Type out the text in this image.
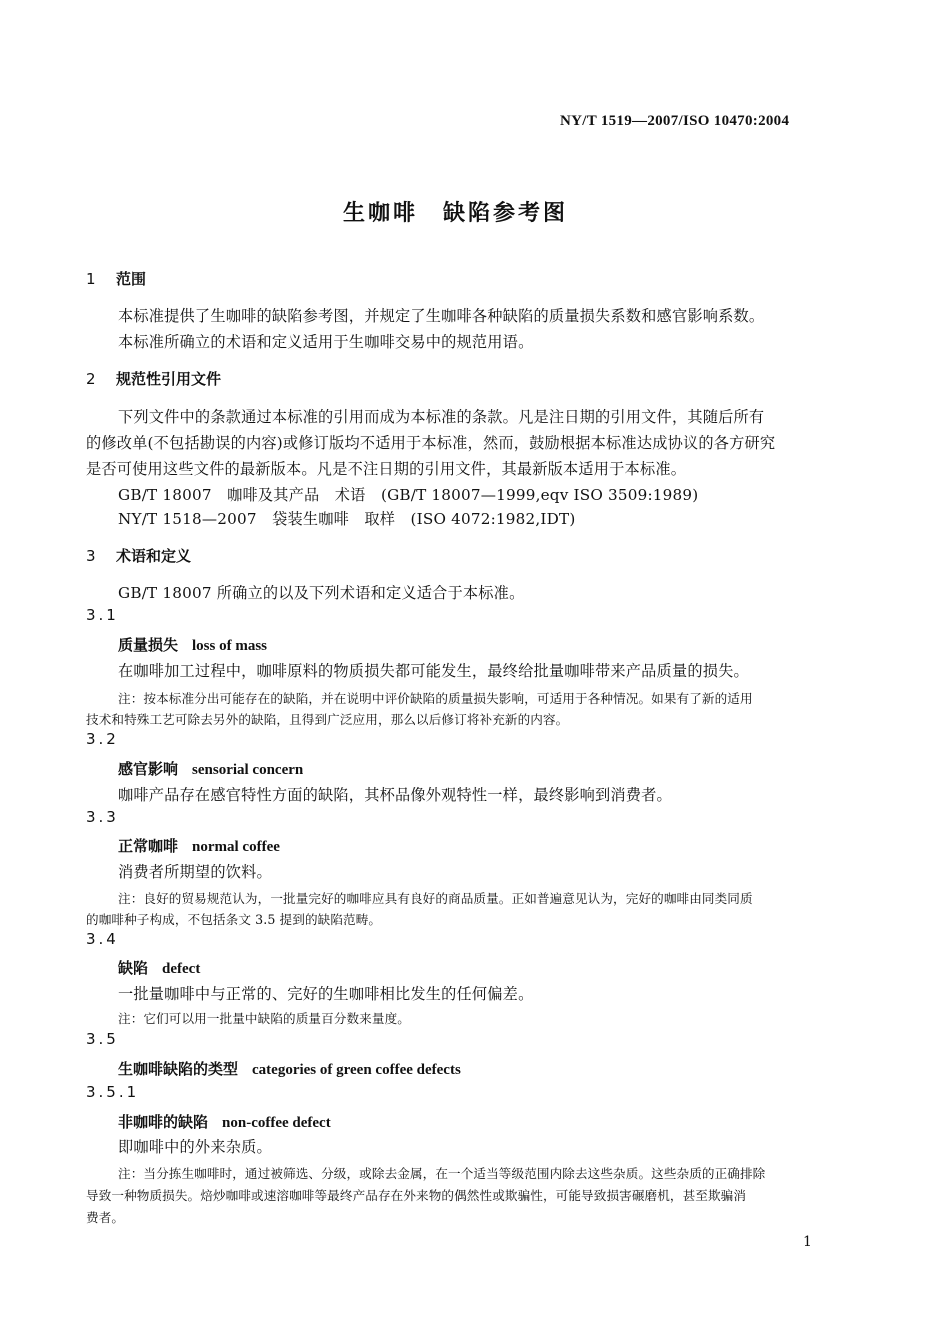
NY/T 1519—2007/ISO 10470:2004
生咖啡　缺陷参考图
1 范围
本标准提供了生咖啡的缺陷参考图，并规定了生咖啡各种缺陷的质量损失系数和感官影响系数。
本标准所确立的术语和定义适用于生咖啡交易中的规范用语。
2 规范性引用文件
下列文件中的条款通过本标准的引用而成为本标准的条款。凡是注日期的引用文件，其随后所有
的修改单(不包括勘误的内容)或修订版均不适用于本标准，然而，鼓励根据本标准达成协议的各方研究
是否可使用这些文件的最新版本。凡是不注日期的引用文件，其最新版本适用于本标准。
GB/T 18007　咖啡及其产品　术语　(GB/T 18007—1999,eqv ISO 3509:1989)
NY/T 1518—2007　袋装生咖啡　取样　(ISO 4072:1982,IDT)
3 术语和定义
GB/T 18007 所确立的以及下列术语和定义适合于本标准。
3.1
质量损失 loss of mass
在咖啡加工过程中，咖啡原料的物质损失都可能发生，最终给批量咖啡带来产品质量的损失。
注：按本标准分出可能存在的缺陷，并在说明中评价缺陷的质量损失影响，可适用于各种情况。如果有了新的适用
技术和特殊工艺可除去另外的缺陷，且得到广泛应用，那么以后修订将补充新的内容。
3.2
感官影响 sensorial concern
咖啡产品存在感官特性方面的缺陷，其杯品像外观特性一样，最终影响到消费者。
3.3
正常咖啡 normal coffee
消费者所期望的饮料。
注：良好的贸易规范认为，一批量完好的咖啡应具有良好的商品质量。正如普遍意见认为，完好的咖啡由同类同质
的咖啡种子构成，不包括条文 3.5 提到的缺陷范畴。
3.4
缺陷 defect
一批量咖啡中与正常的、完好的生咖啡相比发生的任何偏差。
注：它们可以用一批量中缺陷的质量百分数来量度。
3.5
生咖啡缺陷的类型 categories of green coffee defects
3.5.1
非咖啡的缺陷 non-coffee defect
即咖啡中的外来杂质。
注：当分拣生咖啡时，通过被筛选、分级，或除去金属，在一个适当等级范围内除去这些杂质。这些杂质的正确排除
导致一种物质损失。焙炒咖啡或速溶咖啡等最终产品存在外来物的偶然性或欺骗性，可能导致损害碾磨机，甚至欺骗消
费者。
1
